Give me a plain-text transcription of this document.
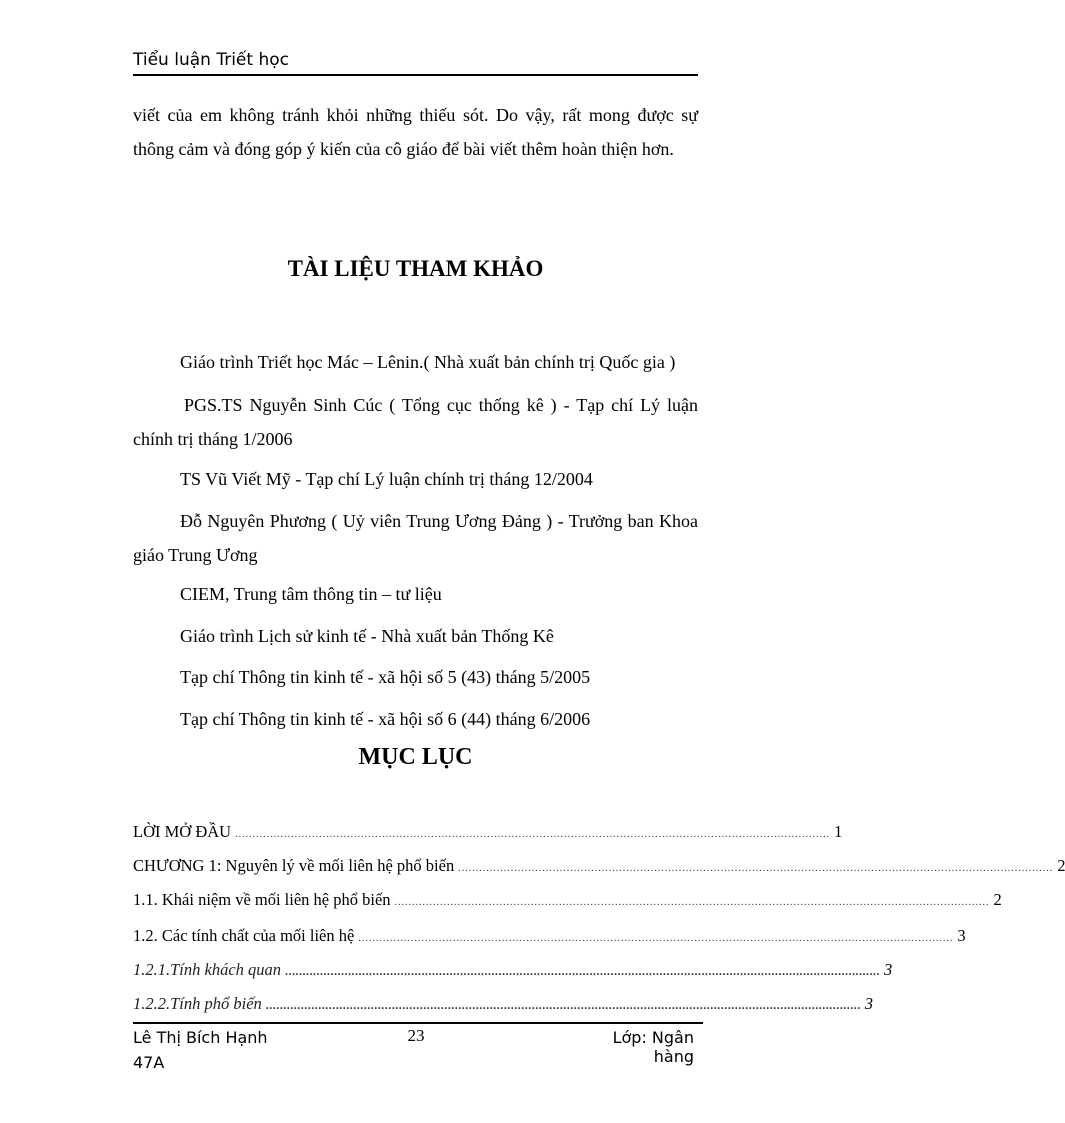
Tiểu luận Triết học
viết của em không tránh khỏi những thiếu sót. Do vậy, rất mong được sự thông cảm và đóng góp ý kiến của cô giáo để bài viết thêm hoàn thiện hơn.
TÀI LIỆU THAM KHẢO
Giáo trình Triết học Mác – Lênin.( Nhà xuất bản chính trị Quốc gia )
PGS.TS Nguyễn Sinh Cúc ( Tổng cục thống kê ) - Tạp chí Lý luận chính trị tháng 1/2006
TS Vũ Viết Mỹ - Tạp chí Lý luận chính trị tháng 12/2004
Đỗ Nguyên Phương ( Uỷ viên Trung Ương Đảng ) - Trưởng ban Khoa giáo Trung Ương
CIEM, Trung tâm thông tin – tư liệu
Giáo trình Lịch sử kinh tế - Nhà xuất bản Thống Kê
Tạp chí Thông tin kinh tế - xã hội số 5 (43) tháng 5/2005
Tạp chí Thông tin kinh tế - xã hội số 6 (44) tháng 6/2006
MỤC LỤC
LỜI MỞ ĐẦU .......................................................................................................................................................................... 1
CHƯƠNG 1: Nguyên lý về mối liên hệ phổ biến .......................................................................................................................................................................... 2
1.1. Khái niệm về mối liên hệ phổ biến .......................................................................................................................................................................... 2
1.2. Các tính chất của mối liên hệ .......................................................................................................................................................................... 3
1.2.1.Tính khách quan .......................................................................................................................................................................... 3
1.2.2.Tính phổ biến .......................................................................................................................................................................... 3
Lê Thị Bích Hạnh
47A
23	Lớp: Ngân hàng
